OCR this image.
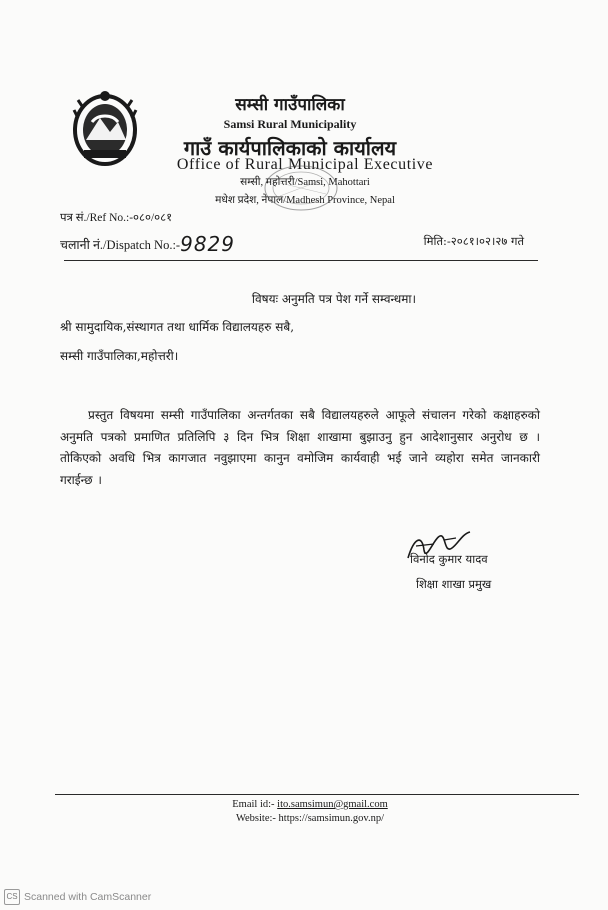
सम्सी गाउँपालिका
Samsi Rural Municipality
गाउँ कार्यपालिकाको कार्यालय
Office of Rural Municipal Executive
सम्सी, महोत्तरी/Samsi, Mahottari
मधेश प्रदेश, नेपाल/Madhesh Province, Nepal
पत्र सं./Ref No.:-०८०/०८१
चलानी नं./Dispatch No.:-9829	मिति:-२०८१।०२।२७ गते
विषयः अनुमति पत्र पेश गर्ने सम्वन्धमा।
श्री सामुदायिक,संस्थागत तथा धार्मिक विद्यालयहरु सबै,
सम्सी गाउँपालिका,महोत्तरी।
प्रस्तुत विषयमा सम्सी गाउँपालिका अन्तर्गतका सबै विद्यालयहरुले आफूले संचालन गरेको कक्षाहरुको अनुमति पत्रको प्रमाणित प्रतिलिपि ३ दिन भित्र शिक्षा शाखामा बुझाउनु हुन आदेशानुसार अनुरोध छ । तोकिएको अवधि भित्र कागजात नवुझाएमा कानुन वमोजिम कार्यवाही भई जाने व्यहोरा समेत जानकारी गराईन्छ ।
विनोद कुमार यादव
शिक्षा शाखा प्रमुख
Email id:- ito.samsimun@gmail.com
Website:- https://samsimun.gov.np/
CS Scanned with CamScanner
